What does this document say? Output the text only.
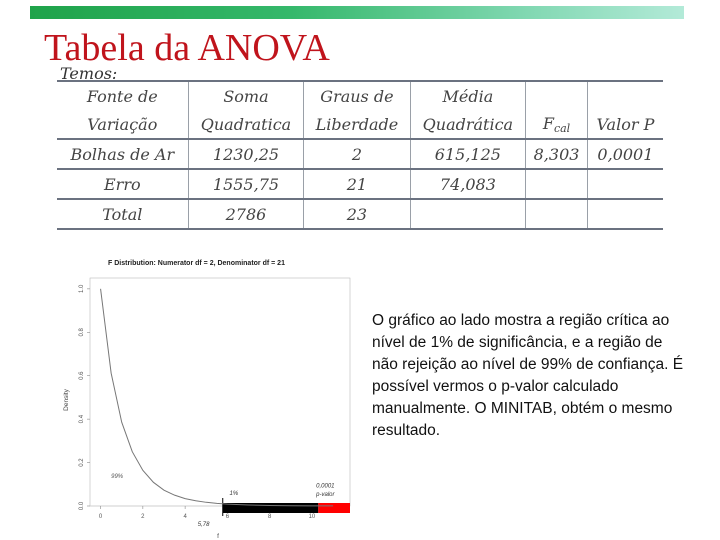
Tabela da ANOVA
Temos:
Fonte de	Soma	Graus de	Média		
Variação	Quadratica	Liberdade	Quadrática	Fcal	Valor P
Bolhas de Ar	1230,25	2	615,125	8,303	0,0001
Erro	1555,75	21	74,083		
Total	2786	23			
F Distribution: Numerator df = 2, Denominator df = 21
Density
f
0.0
0.2
0.4
0.6
0.8
1.0
0	2	4	6	8	10
99%
1%
5,78
0,0001
p-valor
O gráfico ao lado mostra a região crítica ao nível de 1% de significância, e a região de não rejeição ao nível de 99% de confiança. É possível vermos o p-valor calculado manualmente. O MINITAB, obtém o mesmo resultado.
